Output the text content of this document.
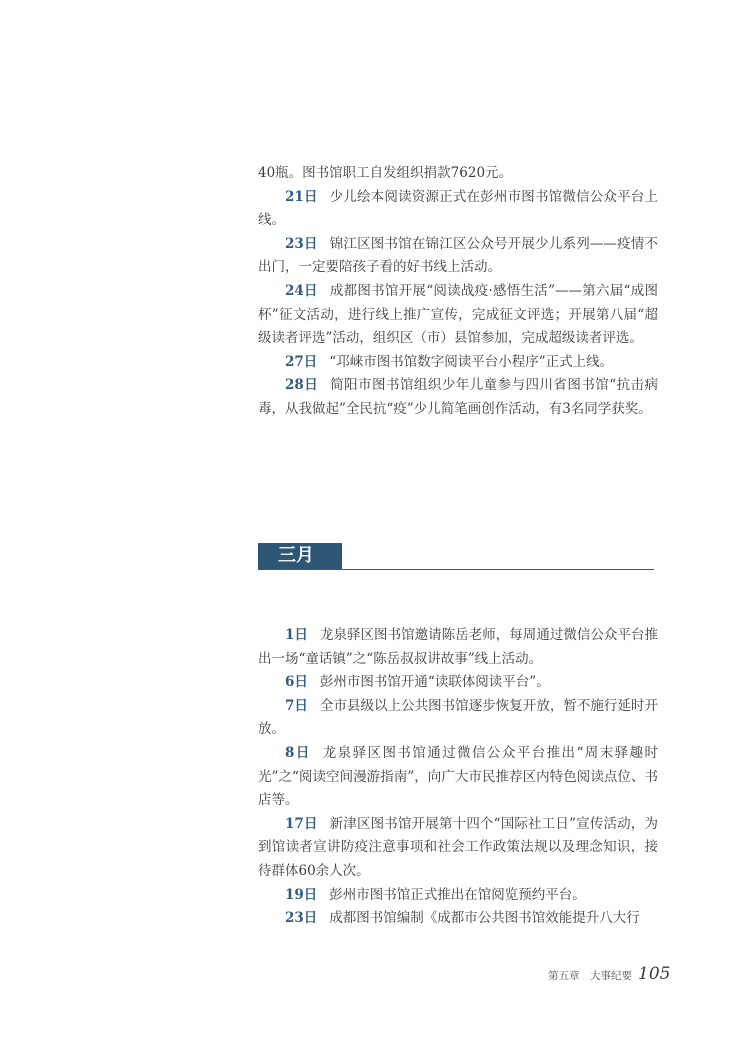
40瓶。图书馆职工自发组织捐款7620元。

21日 少儿绘本阅读资源正式在彭州市图书馆微信公众平台上线。

23日 锦江区图书馆在锦江区公众号开展少儿系列——疫情不出门，一定要陪孩子看的好书线上活动。

24日 成都图书馆开展“阅读战疫·感悟生活”——第六届“成图杯”征文活动，进行线上推广宣传，完成征文评选；开展第八届“超级读者评选”活动，组织区（市）县馆参加，完成超级读者评选。

27日 “邛崃市图书馆数字阅读平台小程序”正式上线。

28日 简阳市图书馆组织少年儿童参与四川省图书馆“抗击病毒，从我做起”全民抗“疫”少儿简笔画创作活动，有3名同学获奖。

三月

1日 龙泉驿区图书馆邀请陈岳老师，每周通过微信公众平台推出一场“童话镇”之“陈岳叔叔讲故事”线上活动。

6日 彭州市图书馆开通“读联体阅读平台”。

7日 全市县级以上公共图书馆逐步恢复开放，暂不施行延时开放。

8日 龙泉驿区图书馆通过微信公众平台推出“周末驿趣时光”之“阅读空间漫游指南”，向广大市民推荐区内特色阅读点位、书店等。

17日 新津区图书馆开展第十四个“国际社工日”宣传活动，为到馆读者宣讲防疫注意事项和社会工作政策法规以及理念知识，接待群体60余人次。

19日 彭州市图书馆正式推出在馆阅览预约平台。

23日 成都图书馆编制《成都市公共图书馆效能提升八大行

第五章　大事纪要 105
